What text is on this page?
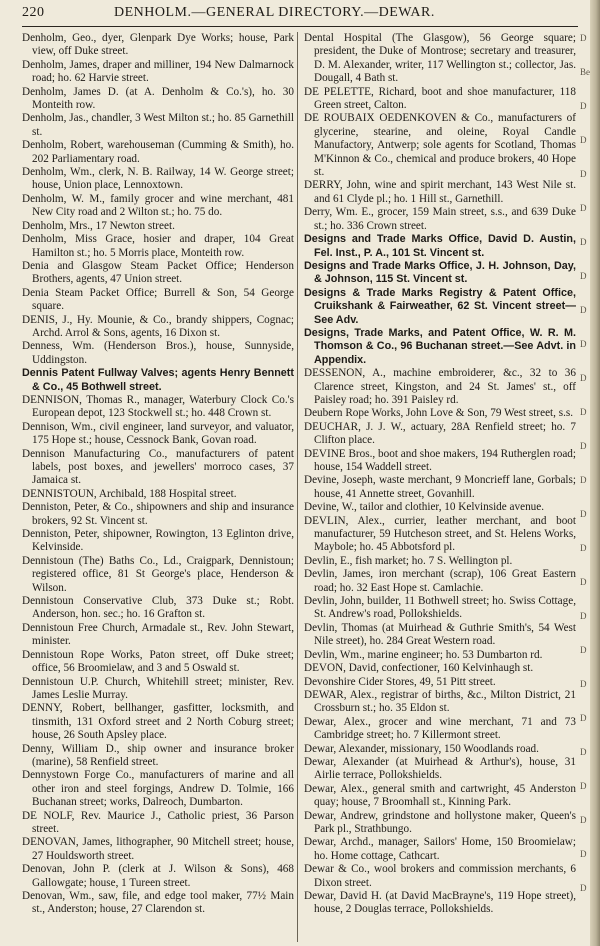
220	DENHOLM.—GENERAL DIRECTORY.—DEWAR.

Denholm, Geo., dyer, Glenpark Dye Works; house, Park view, off Duke street.

Denholm, James, draper and milliner, 194 New Dalmarnock road; ho. 62 Harvie street.

Denholm, James D. (at A. Denholm & Co.'s), ho. 30 Monteith row.

Denholm, Jas., chandler, 3 West Milton st.; ho. 85 Garnethill st.

Denholm, Robert, warehouseman (Cumming & Smith), ho. 202 Parliamentary road.

Denholm, Wm., clerk, N. B. Railway, 14 W. George street; house, Union place, Lennoxtown.

Denholm, W. M., family grocer and wine merchant, 481 New City road and 2 Wilton st.; ho. 75 do.

Denholm, Mrs., 17 Newton street.

Denholm, Miss Grace, hosier and draper, 104 Great Hamilton st.; ho. 5 Morris place, Monteith row.

Denia and Glasgow Steam Packet Office; Henderson Brothers, agents, 47 Union street.

Denia Steam Packet Office; Burrell & Son, 54 George square.

DENIS, J., Hy. Mounie, & Co., brandy shippers, Cognac; Archd. Arrol & Sons, agents, 16 Dixon st.

Denness, Wm. (Henderson Bros.), house, Sunnyside, Uddingston.

Dennis Patent Fullway Valves; agents Henry Bennett & Co., 45 Bothwell street.

DENNISON, Thomas R., manager, Waterbury Clock Co.'s European depot, 123 Stockwell st.; ho. 448 Crown st.

Dennison, Wm., civil engineer, land surveyor, and valuator, 175 Hope st.; house, Cessnock Bank, Govan road.

Dennison Manufacturing Co., manufacturers of patent labels, post boxes, and jewellers' morroco cases, 37 Jamaica st.

DENNISTOUN, Archibald, 188 Hospital street.

Denniston, Peter, & Co., shipowners and ship and insurance brokers, 92 St. Vincent st.

Denniston, Peter, shipowner, Rowington, 13 Eglinton drive, Kelvinside.

Dennistoun (The) Baths Co., Ld., Craigpark, Dennistoun; registered office, 81 St George's place, Henderson & Wilson.

Dennistoun Conservative Club, 373 Duke st.; Robt. Anderson, hon. sec.; ho. 16 Grafton st.

Dennistoun Free Church, Armadale st., Rev. John Stewart, minister.

Dennistoun Rope Works, Paton street, off Duke street; office, 56 Broomielaw, and 3 and 5 Oswald st.

Dennistoun U.P. Church, Whitehill street; minister, Rev. James Leslie Murray.

DENNY, Robert, bellhanger, gasfitter, locksmith, and tinsmith, 131 Oxford street and 2 North Coburg street; house, 26 South Apsley place.

Denny, William D., ship owner and insurance broker (marine), 58 Renfield street.

Dennystown Forge Co., manufacturers of marine and all other iron and steel forgings, Andrew D. Tolmie, 166 Buchanan street; works, Dalreoch, Dumbarton.

DE NOLF, Rev. Maurice J., Catholic priest, 36 Parson street.

DENOVAN, James, lithographer, 90 Mitchell street; house, 27 Houldsworth street.

Denovan, John P. (clerk at J. Wilson & Sons), 468 Gallowgate; house, 1 Tureen street.

Denovan, Wm., saw, file, and edge tool maker, 77½ Main st., Anderston; house, 27 Clarendon st.

Dental Hospital (The Glasgow), 56 George square; president, the Duke of Montrose; secretary and treasurer, D. M. Alexander, writer, 117 Wellington st.; collector, Jas. Dougall, 4 Bath st.

DE PELETTE, Richard, boot and shoe manufacturer, 118 Green street, Calton.

DE ROUBAIX OEDENKOVEN & Co., manufacturers of glycerine, stearine, and oleine, Royal Candle Manufactory, Antwerp; sole agents for Scotland, Thomas M'Kinnon & Co., chemical and produce brokers, 40 Hope st.

DERRY, John, wine and spirit merchant, 143 West Nile st. and 61 Clyde pl.; ho. 1 Hill st., Garnethill.

Derry, Wm. E., grocer, 159 Main street, s.s., and 639 Duke st.; ho. 336 Crown street.

Designs and Trade Marks Office, David D. Austin, Fel. Inst., P. A., 101 St. Vincent st.

Designs and Trade Marks Office, J. H. Johnson, Day, & Johnson, 115 St. Vincent st.

Designs & Trade Marks Registry & Patent Office, Cruikshank & Fairweather, 62 St. Vincent street—See Adv.

Designs, Trade Marks, and Patent Office, W. R. M. Thomson & Co., 96 Buchanan street.—See Advt. in Appendix.

DESSENON, A., machine embroiderer, &c., 32 to 36 Clarence street, Kingston, and 24 St. James' st., off Paisley road; ho. 391 Paisley rd.

Deubern Rope Works, John Love & Son, 79 West street, s.s.

DEUCHAR, J. J. W., actuary, 28A Renfield street; ho. 7 Clifton place.

DEVINE Bros., boot and shoe makers, 194 Rutherglen road; house, 154 Waddell street.

Devine, Joseph, waste merchant, 9 Moncrieff lane, Gorbals; house, 41 Annette street, Govanhill.

Devine, W., tailor and clothier, 10 Kelvinside avenue.

DEVLIN, Alex., currier, leather merchant, and boot manufacturer, 59 Hutcheson street, and St. Helens Works, Maybole; ho. 45 Abbotsford pl.

Devlin, E., fish market; ho. 7 S. Wellington pl.

Devlin, James, iron merchant (scrap), 106 Great Eastern road; ho. 32 East Hope st. Camlachie.

Devlin, John, builder, 11 Bothwell street; ho. Swiss Cottage, St. Andrew's road, Pollokshields.

Devlin, Thomas (at Muirhead & Guthrie Smith's, 54 West Nile street), ho. 284 Great Western road.

Devlin, Wm., marine engineer; ho. 53 Dumbarton rd.

DEVON, David, confectioner, 160 Kelvinhaugh st.

Devonshire Cider Stores, 49, 51 Pitt street.

DEWAR, Alex., registrar of births, &c., Milton District, 21 Crossburn st.; ho. 35 Eldon st.

Dewar, Alex., grocer and wine merchant, 71 and 73 Cambridge street; ho. 7 Killermont street.

Dewar, Alexander, missionary, 150 Woodlands road.

Dewar, Alexander (at Muirhead & Arthur's), house, 31 Airlie terrace, Pollokshields.

Dewar, Alex., general smith and cartwright, 45 Anderston quay; house, 7 Broomhall st., Kinning Park.

Dewar, Andrew, grindstone and hollystone maker, Queen's Park pl., Strathbungo.

Dewar, Archd., manager, Sailors' Home, 150 Broomielaw; ho. Home cottage, Cathcart.

Dewar & Co., wool brokers and commission merchants, 6 Dixon street.

Dewar, David H. (at David MacBrayne's, 119 Hope street), house, 2 Douglas terrace, Pollokshields.

D
Be
D
D
D
D
D
D
D
D
D
D
D
D
D
D
D
D
D
D
D
D
D
D
D
D
